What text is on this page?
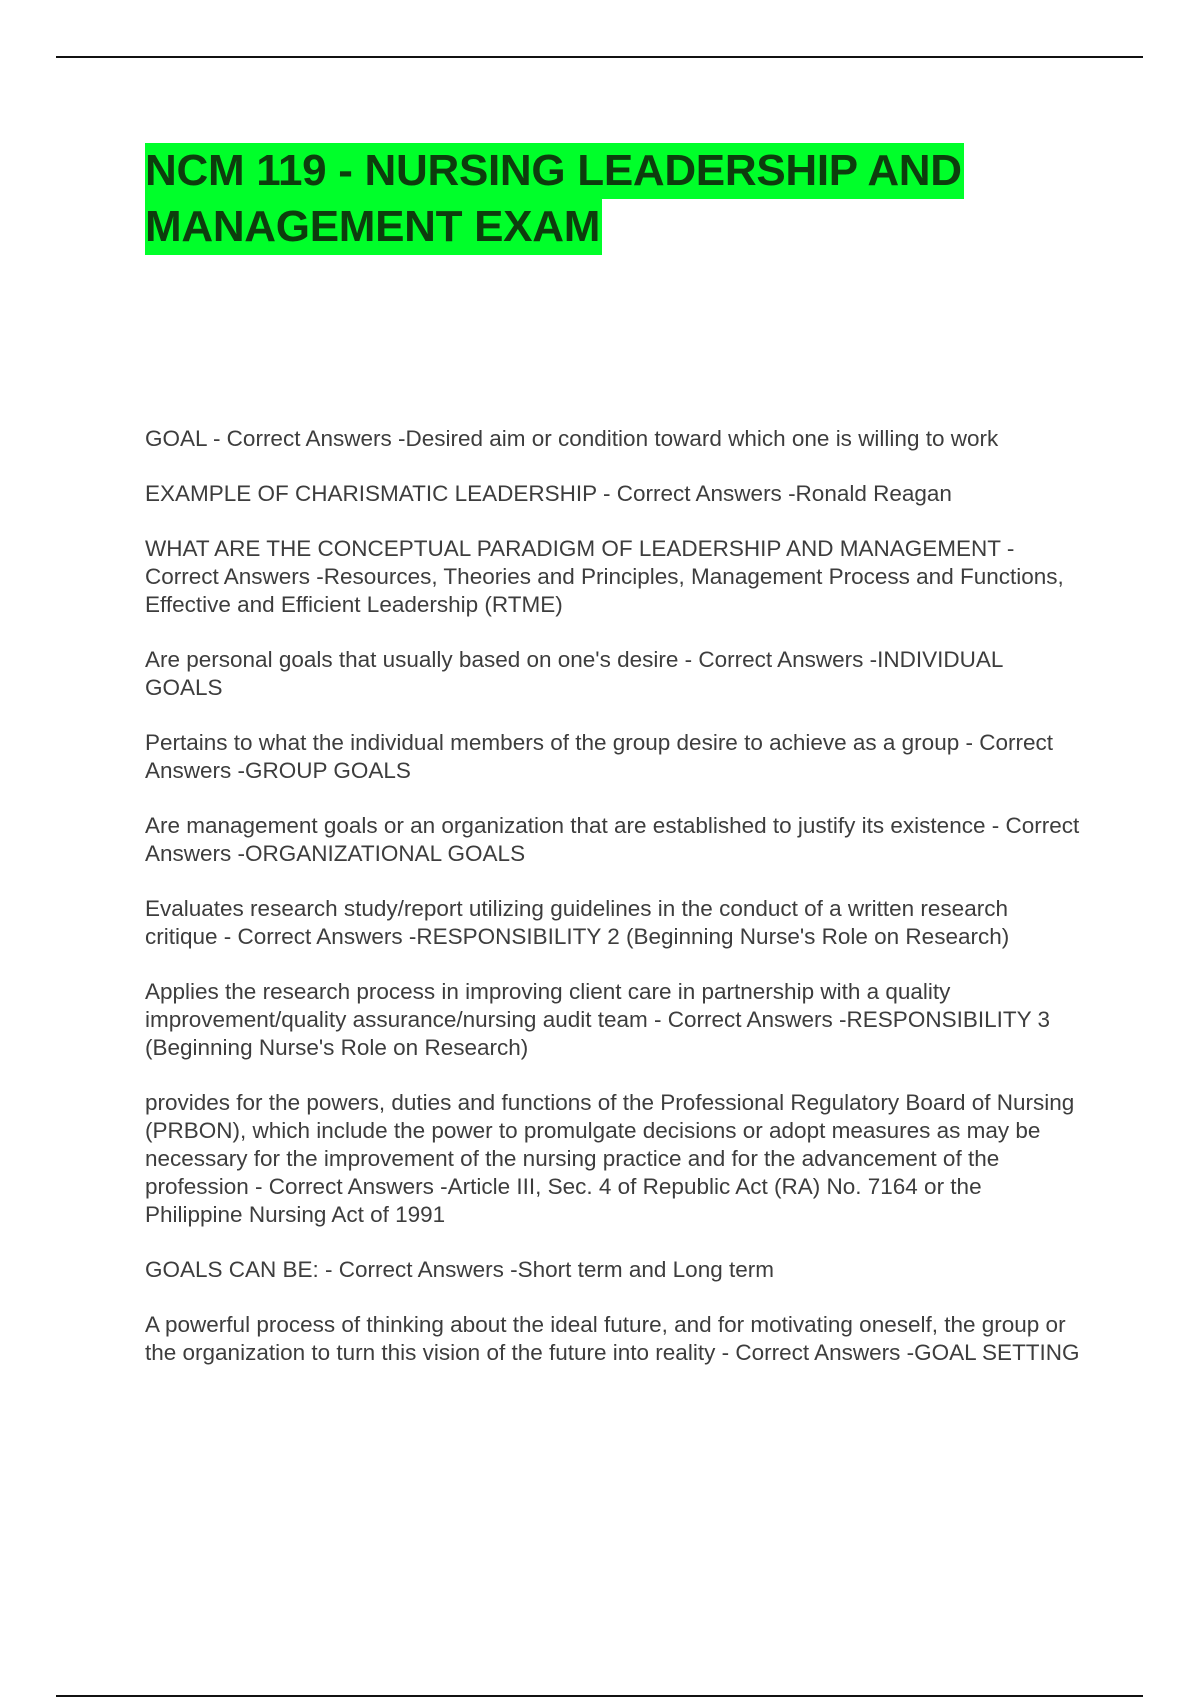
NCM 119 - NURSING LEADERSHIP AND
MANAGEMENT EXAM
GOAL - Correct Answers -Desired aim or condition toward which one is willing to work
EXAMPLE OF CHARISMATIC LEADERSHIP - Correct Answers -Ronald Reagan
WHAT ARE THE CONCEPTUAL PARADIGM OF LEADERSHIP AND MANAGEMENT - Correct Answers -Resources, Theories and Principles, Management Process and Functions, Effective and Efficient Leadership (RTME)
Are personal goals that usually based on one's desire - Correct Answers -INDIVIDUAL GOALS
Pertains to what the individual members of the group desire to achieve as a group - Correct Answers -GROUP GOALS
Are management goals or an organization that are established to justify its existence - Correct Answers -ORGANIZATIONAL GOALS
Evaluates research study/report utilizing guidelines in the conduct of a written research critique - Correct Answers -RESPONSIBILITY 2 (Beginning Nurse's Role on Research)
Applies the research process in improving client care in partnership with a quality improvement/quality assurance/nursing audit team - Correct Answers -RESPONSIBILITY 3 (Beginning Nurse's Role on Research)
provides for the powers, duties and functions of the Professional Regulatory Board of Nursing (PRBON), which include the power to promulgate decisions or adopt measures as may be necessary for the improvement of the nursing practice and for the advancement of the profession - Correct Answers -Article III, Sec. 4 of Republic Act (RA) No. 7164 or the Philippine Nursing Act of 1991
GOALS CAN BE: - Correct Answers -Short term and Long term
A powerful process of thinking about the ideal future, and for motivating oneself, the group or the organization to turn this vision of the future into reality - Correct Answers -GOAL SETTING
